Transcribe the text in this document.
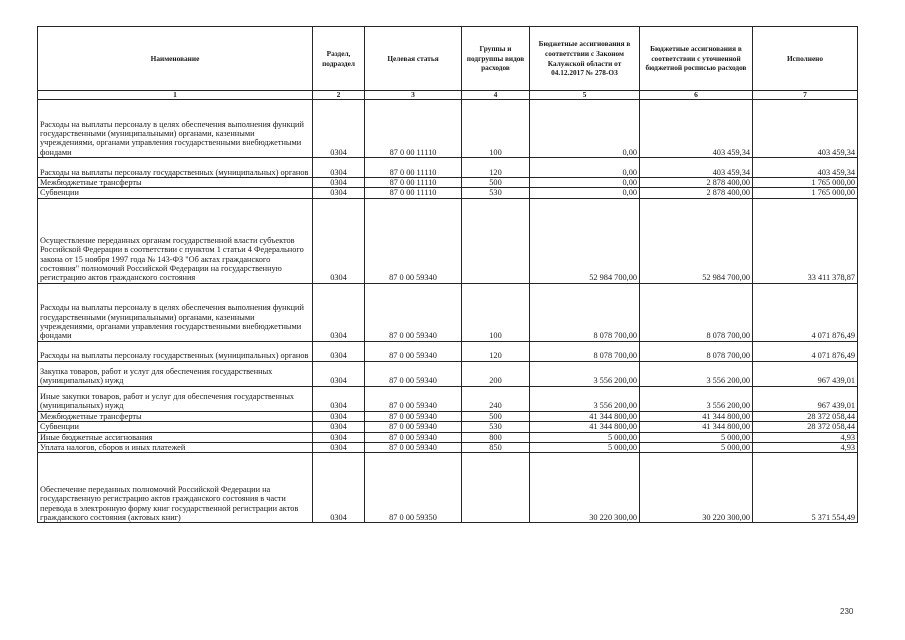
Наименование	Раздел, подраздел	Целевая статья	Группы и подгруппы видов расходов	Бюджетные ассигнования в соответствии с Законом Калужской области от 04.12.2017 № 278-ОЗ	Бюджетные ассигнования в соответствии с уточненной бюджетной росписью расходов	Исполнено
1	2	3	4	5	6	7
Расходы на выплаты персоналу в целях обеспечения выполнения функций государственными (муниципальными) органами, казенными учреждениями, органами управления государственными внебюджетными фондами	0304	87 0 00 11110	100	0,00	403 459,34	403 459,34
Расходы на выплаты персоналу государственных (муниципальных) органов	0304	87 0 00 11110	120	0,00	403 459,34	403 459,34
Межбюджетные трансферты	0304	87 0 00 11110	500	0,00	2 878 400,00	1 765 000,00
Субвенции	0304	87 0 00 11110	530	0,00	2 878 400,00	1 765 000,00
Осуществление переданных органам государственной власти субъектов Российской Федерации в соответствии с пунктом 1 статьи 4 Федерального закона от 15 ноября 1997 года № 143-ФЗ "Об актах гражданского состояния" полномочий Российской Федерации на государственную регистрацию актов гражданского состояния	0304	87 0 00 59340		52 984 700,00	52 984 700,00	33 411 378,87
Расходы на выплаты персоналу в целях обеспечения выполнения функций государственными (муниципальными) органами, казенными учреждениями, органами управления государственными внебюджетными фондами	0304	87 0 00 59340	100	8 078 700,00	8 078 700,00	4 071 876,49
Расходы на выплаты персоналу государственных (муниципальных) органов	0304	87 0 00 59340	120	8 078 700,00	8 078 700,00	4 071 876,49
Закупка товаров, работ и услуг для обеспечения государственных (муниципальных) нужд	0304	87 0 00 59340	200	3 556 200,00	3 556 200,00	967 439,01
Иные закупки товаров, работ и услуг для обеспечения государственных (муниципальных) нужд	0304	87 0 00 59340	240	3 556 200,00	3 556 200,00	967 439,01
Межбюджетные трансферты	0304	87 0 00 59340	500	41 344 800,00	41 344 800,00	28 372 058,44
Субвенции	0304	87 0 00 59340	530	41 344 800,00	41 344 800,00	28 372 058,44
Иные бюджетные ассигнования	0304	87 0 00 59340	800	5 000,00	5 000,00	4,93
Уплата налогов, сборов и иных платежей	0304	87 0 00 59340	850	5 000,00	5 000,00	4,93
Обеспечение переданных полномочий Российской Федерации на государственную регистрацию актов гражданского состояния в части перевода в электронную форму книг государственной регистрации актов гражданского состояния (актовых книг)	0304	87 0 00 59350		30 220 300,00	30 220 300,00	5 371 554,49
230
